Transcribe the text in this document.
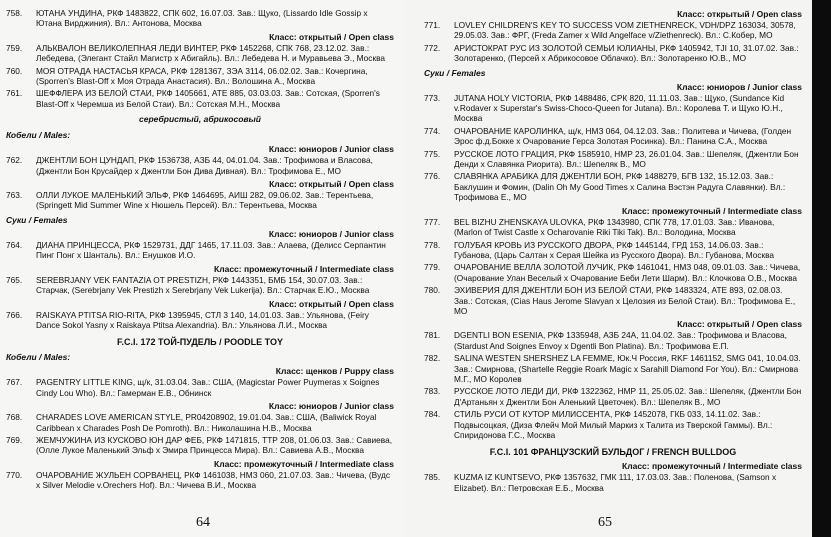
758. ЮТАНА УНДИНА, РКФ 1483822, СПК 602, 16.07.03. Зав.: Щуко, (Lissardo Idle Gossip x Ютана Вирджиния). Вл.: Антонова, Москва
Класс: открытый / Open class
759. АЛЬКВАЛОН ВЕЛИКОЛЕПНАЯ ЛЕДИ ВИНТЕР, РКФ 1452268, СПК 768, 23.12.02. Зав.: Лебедева, (Элегант Стайл Магистр х Абигайль). Вл.: Лебедева Н. и Муравьева Э., Москва
760. МОЯ ОТРАДА НАСТАСЬЯ КРАСА, РКФ 1281367, ЗЭА 3114, 06.02.02. Зав.: Кочергина, (Sporren's Blast-Off x Моя Отрада Анастасия). Вл.: Волошина А., Москва
761. ШЕФФЛЕРА ИЗ БЕЛОЙ СТАИ, РКФ 1405661, АТЕ 885, 03.03.03. Зав.: Сотская, (Sporren's Blast-Off х Черемша из Белой Стаи). Вл.: Сотская М.Н., Москва
серебристый, абрикосовый
Кобели / Males:
Класс: юниоров / Junior class
762. ДЖЕНТЛИ БОН ЦУНДАП, РКФ 1536738, АЗБ 44, 04.01.04. Зав.: Трофимова и Власова, (Джентли Бон Крусайдер х Джентли Бон Дива Дивная). Вл.: Трофимова Е., МО
Класс: открытый / Open class
763. ОЛЛИ ЛУКОЕ МАЛЕНЬКИЙ ЭЛЬФ, РКФ 1464695, АИШ 282, 09.06.02. Зав.: Терентьева, (Springett Mid Summer Wine x Нюшель Персей). Вл.: Терентьева, Москва
Суки / Females
Класс: юниоров / Junior class
764. ДИАНА ПРИНЦЕССА, РКФ 1529731, ДДГ 1465, 17.11.03. Зав.: Алаева, (Делисс Серпантин Пинг Понг х Шанталь). Вл.: Енушков И.О.
Класс: промежуточный / Intermediate class
765. SEREBRJANY VEK FANTAZIA OT PRESTIZH, РКФ 1443351, БМБ 154, 30.07.03. Зав.: Старчак, (Serebrjany Vek Prestizh x Serebrjany Vek Lukerija). Вл.: Старчак Е.Ю., Москва
Класс: открытый / Open class
766. RAISKAYA PTITSA RIO-RITA, РКФ 1395945, СТЛ 3 140, 14.01.03. Зав.: Ульянова, (Feiry Dance Sokol Yasny x Raiskaya Ptitsa Alexandria). Вл.: Ульянова Л.И., Москва
F.C.I. 172 ТОЙ-ПУДЕЛЬ / POODLE TOY
Кобели / Males:
Класс: щенков / Puppy class
767. PAGENTRY LITTLE KING, щ/к, 31.03.04. Зав.: США, (Magicstar Power Puymeras x Soignes Cindy Lou Who). Вл.: Гамерман Е.В., Обнинск
Класс: юниоров / Junior class
768. CHARADES LOVE AMERICAN STYLE, PR04208902, 19.01.04. Зав.: США, (Baliwick Royal Caribbean x Charades Posh De Pomroth). Вл.: Николашина Н.В., Москва
769. ЖЕМЧУЖИНА ИЗ КУСКОВО ЮН ДАР ФЕБ, РКФ 1471815, ТТР 208, 01.06.03. Зав.: Савиева, (Олле Лукое Маленький Эльф x Эмира Принцесса Мира). Вл.: Савиева А.В., Москва
Класс: промежуточный / Intermediate class
770. ОЧАРОВАНИЕ ЖУЛЬЕН СОРВАНЕЦ, РКФ 1461038, НМЗ 060, 21.07.03. Зав.: Чичева, (Вудс x Silver Melodie v.Orechers Hof). Вл.: Чичева В.И., Москва
64
Класс: открытый / Open class
771. LOVLEY CHILDREN'S KEY TO SUCCESS VOM ZIETHENRECK, VDH/DPZ 163034, 30578, 29.05.03. Зав.: ФРГ, (Freda Zamer x Wild Angelface v/Ziethenreck). Вл.: С.Кобер, МО
772. АРИСТОКРАТ РУС ИЗ ЗОЛОТОЙ СЕМЬИ ЮЛИАНЫ, РКФ 1405942, TJI 10, 31.07.02. Зав.: Золотаренко, (Персей x Абрикосовое Облачко). Вл.: Золотаренко Ю.В., МО
Суки / Females
Класс: юниоров / Junior class
773. JUTANA HOLY VICTORIA, РКФ 1488486, СРК 820, 11.11.03. Зав.: Щуко, (Sundance Kid v.Rodaver x Superstar's Swiss-Choco-Queen for Jutana). Вл.: Королева Т. и Щуко Ю.Н., Москва
774. ОЧАРОВАНИЕ КАРОЛИНКА, щ/к, НМЗ 064, 04.12.03. Зав.: Политева и Чичева, (Голден Эрос ф.д.Бокке x Очарование Герса Золотая Росинка). Вл.: Панина С.А., Москва
775. РУССКОЕ ЛОТО ГРАЦИЯ, РКФ 1585910, НМР 23, 26.01.04. Зав.: Шепеляк, (Джентли Бон Денди x Славянка Риорита). Вл.: Шепеляк В., МО
776. СЛАВЯНКА АРАБИКА ДЛЯ ДЖЕНТЛИ БОН, РКФ 1488279, БГВ 132, 15.12.03. Зав.: Баклушин и Фомин, (Dalin Oh My Good Times x Салина Вэстэн Радуга Славянки). Вл.: Трофимова Е., МО
Класс: промежуточный / Intermediate class
777. BEL BIZHU ZHENSKAYA ULOVKA, РКФ 1343980, СПК 778, 17.01.03. Зав.: Иванова, (Marlon of Twist Castle x Ocharovanie Riki Tiki Tak). Вл.: Володина, Москва
778. ГОЛУБАЯ КРОВЬ ИЗ РУССКОГО ДВОРА, РКФ 1445144, ГРД 153, 14.06.03. Зав.: Губанова, (Царь Салтан x Серая Шейка из Русского Двора). Вл.: Губанова, Москва
779. ОЧАРОВАНИЕ ВЕЛЛА ЗОЛОТОЙ ЛУЧИК, РКФ 1461041, НМЗ 048, 09.01.03. Зав.: Чичева, (Очарование Улан Веселый x Очарование Беби Лети Шарм). Вл.: Клочкова О.В., Москва
780. ЭХИВЕРИЯ ДЛЯ ДЖЕНТЛИ БОН ИЗ БЕЛОЙ СТАИ, РКФ 1483324, АТЕ 893, 02.08.03. Зав.: Сотская, (Cias Haus Jerome Slavyan x Целозия из Белой Стаи). Вл.: Трофимова Е., МО
Класс: открытый / Open class
781. DGENTLI BON ESENIA, РКФ 1335948, АЗБ 24А, 11.04.02. Зав.: Трофимова и Власова, (Stardust And Soignes Envoy x Dgentli Bon Platina). Вл.: Трофимова Е.П.
782. SALINA WESTEN SHERSHEZ LA FEMME, Юк.Ч Россия, RKF 1461152, SMG 041, 10.04.03. Зав.: Смирнова, (Shartelle Reggie Roark Magic x Sarahill Diamond For You). Вл.: Смирнова М.Г., МО Королев
783. РУССКОЕ ЛОТО ЛЕДИ ДИ, РКФ 1322362, НМР 11, 25.05.02. Зав.: Шепеляк, (Джентли Бон Д'Артаньян x Джентли Бон Аленький Цветочек). Вл.: Шепеляк В., МО
784. СТИЛЬ РУСИ ОТ КУТОР МИЛИССЕНТА, РКФ 1452078, ГКБ 033, 14.11.02. Зав.: Подвысоцкая, (Диза Флейч Мой Милый Маркиз x Талита из Тверской Гаммы). Вл.: Спиридонова Г.С., Москва
F.C.I. 101 ФРАНЦУЗСКИЙ БУЛЬДОГ / FRENCH BULLDOG
Класс: промежуточный / Intermediate class
785. KUZMA IZ KUNTSEVO, РКФ 1357632, ГМК 111, 17.03.03. Зав.: Поленова, (Samson x Elizabet). Вл.: Петровская Е.Б., Москва
65
